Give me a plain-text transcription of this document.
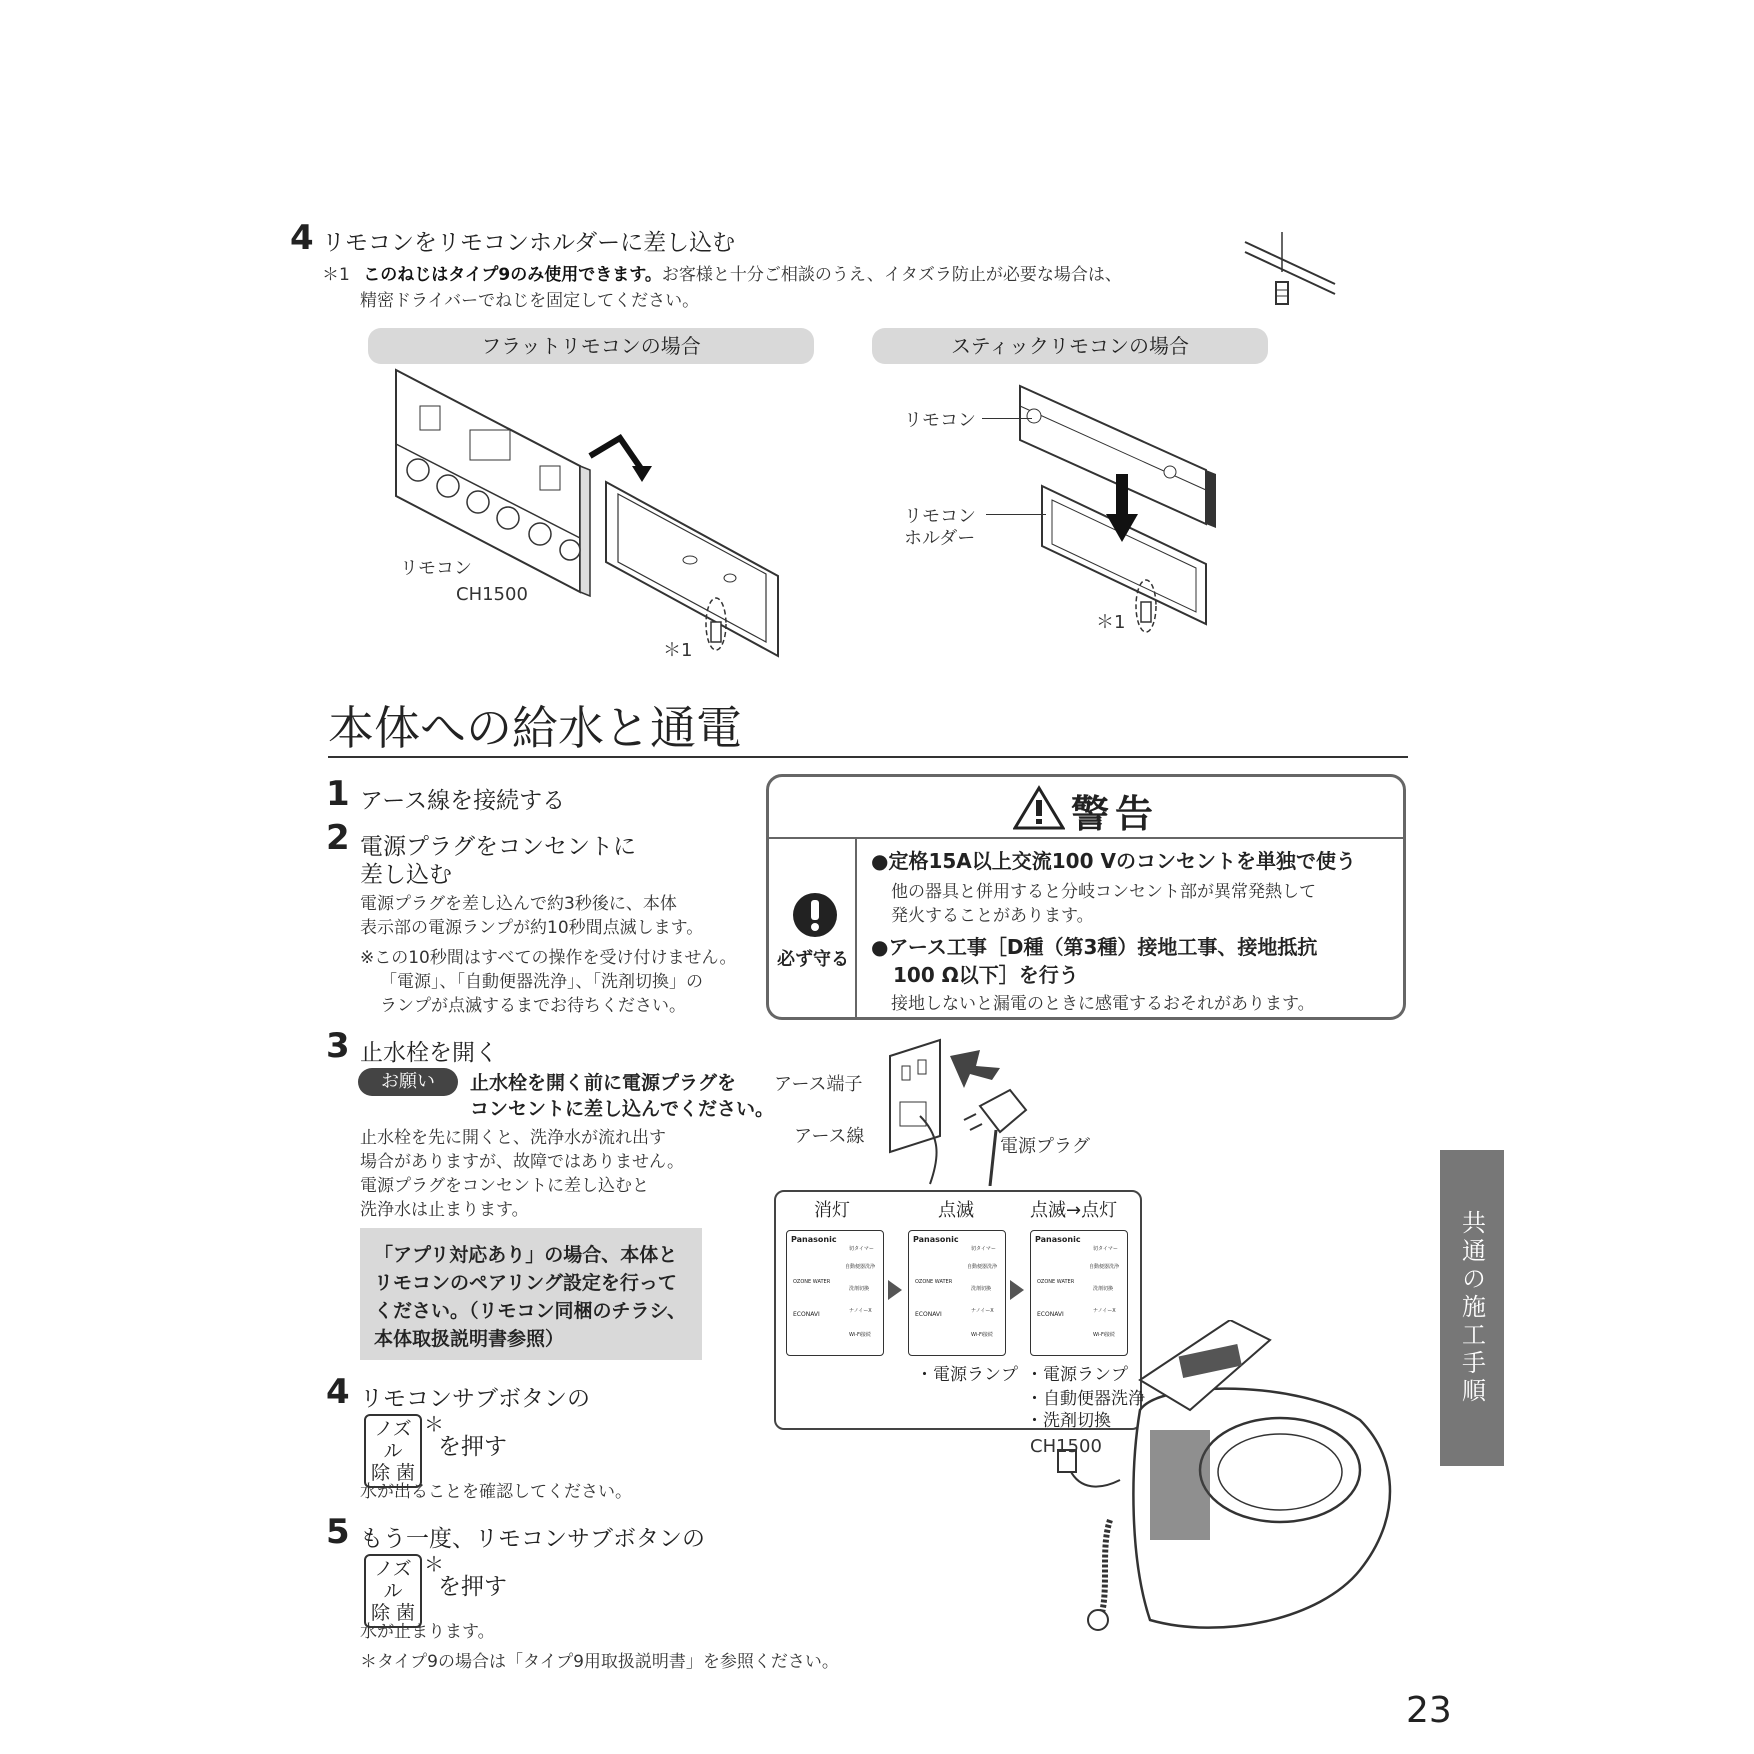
4 リモコンをリモコンホルダーに差し込む
＊1 このねじはタイプ9のみ使用できます。お客様と十分ご相談のうえ、イタズラ防止が必要な場合は、
精密ドライバーでねじを固定してください。
フラットリモコンの場合	スティックリモコンの場合
リモコン
CH1500
＊1
リモコン
リモコン
ホルダー
＊1
本体への給水と通電
1 アース線を接続する
2 電源プラグをコンセントに
差し込む
電源プラグを差し込んで約3秒後に、本体
表示部の電源ランプが約10秒間点滅します。
※この10秒間はすべての操作を受け付けません。
「電源」、「自動便器洗浄」、「洗剤切換」の
ランプが点滅するまでお待ちください。
3 止水栓を開く
お願い	止水栓を開く前に電源プラグを
コンセントに差し込んでください。
止水栓を先に開くと、洗浄水が流れ出す
場合がありますが、故障ではありません。
電源プラグをコンセントに差し込むと
洗浄水は止まります。
「アプリ対応あり」の場合、本体と
リモコンのペアリング設定を行って
ください。（リモコン同梱のチラシ、
本体取扱説明書参照）
4 リモコンサブボタンの
ノズル
除 菌
＊
を押す
水が出ることを確認してください。
5 もう一度、リモコンサブボタンの
ノズル
除 菌
＊
を押す
水が止まります。
＊タイプ9の場合は「タイプ9用取扱説明書」を参照ください。
警告
必ず守る
●定格15A以上交流100 Vのコンセントを単独で使う
他の器具と併用すると分岐コンセント部が異常発熱して
発火することがあります。
●アース工事［D種（第3種）接地工事、接地抵抗
100 Ω以下］を行う
接地しないと漏電のときに感電するおそれがあります。
アース端子
アース線	電源プラグ
消灯	点滅	点滅→点灯
Panasonic
OZONE WATER
ECONAVI
切タイマー
自動便器洗浄
洗剤切換
ナノイーX
Wi-Fi接続
Panasonic
OZONE WATER
ECONAVI
切タイマー
自動便器洗浄
洗剤切換
ナノイーX
Wi-Fi接続
Panasonic
OZONE WATER
ECONAVI
切タイマー
自動便器洗浄
洗剤切換
ナノイーX
Wi-Fi接続
・電源ランプ ・電源ランプ
・自動便器洗浄
・洗剤切換
CH1500
共通の施工手順
23
